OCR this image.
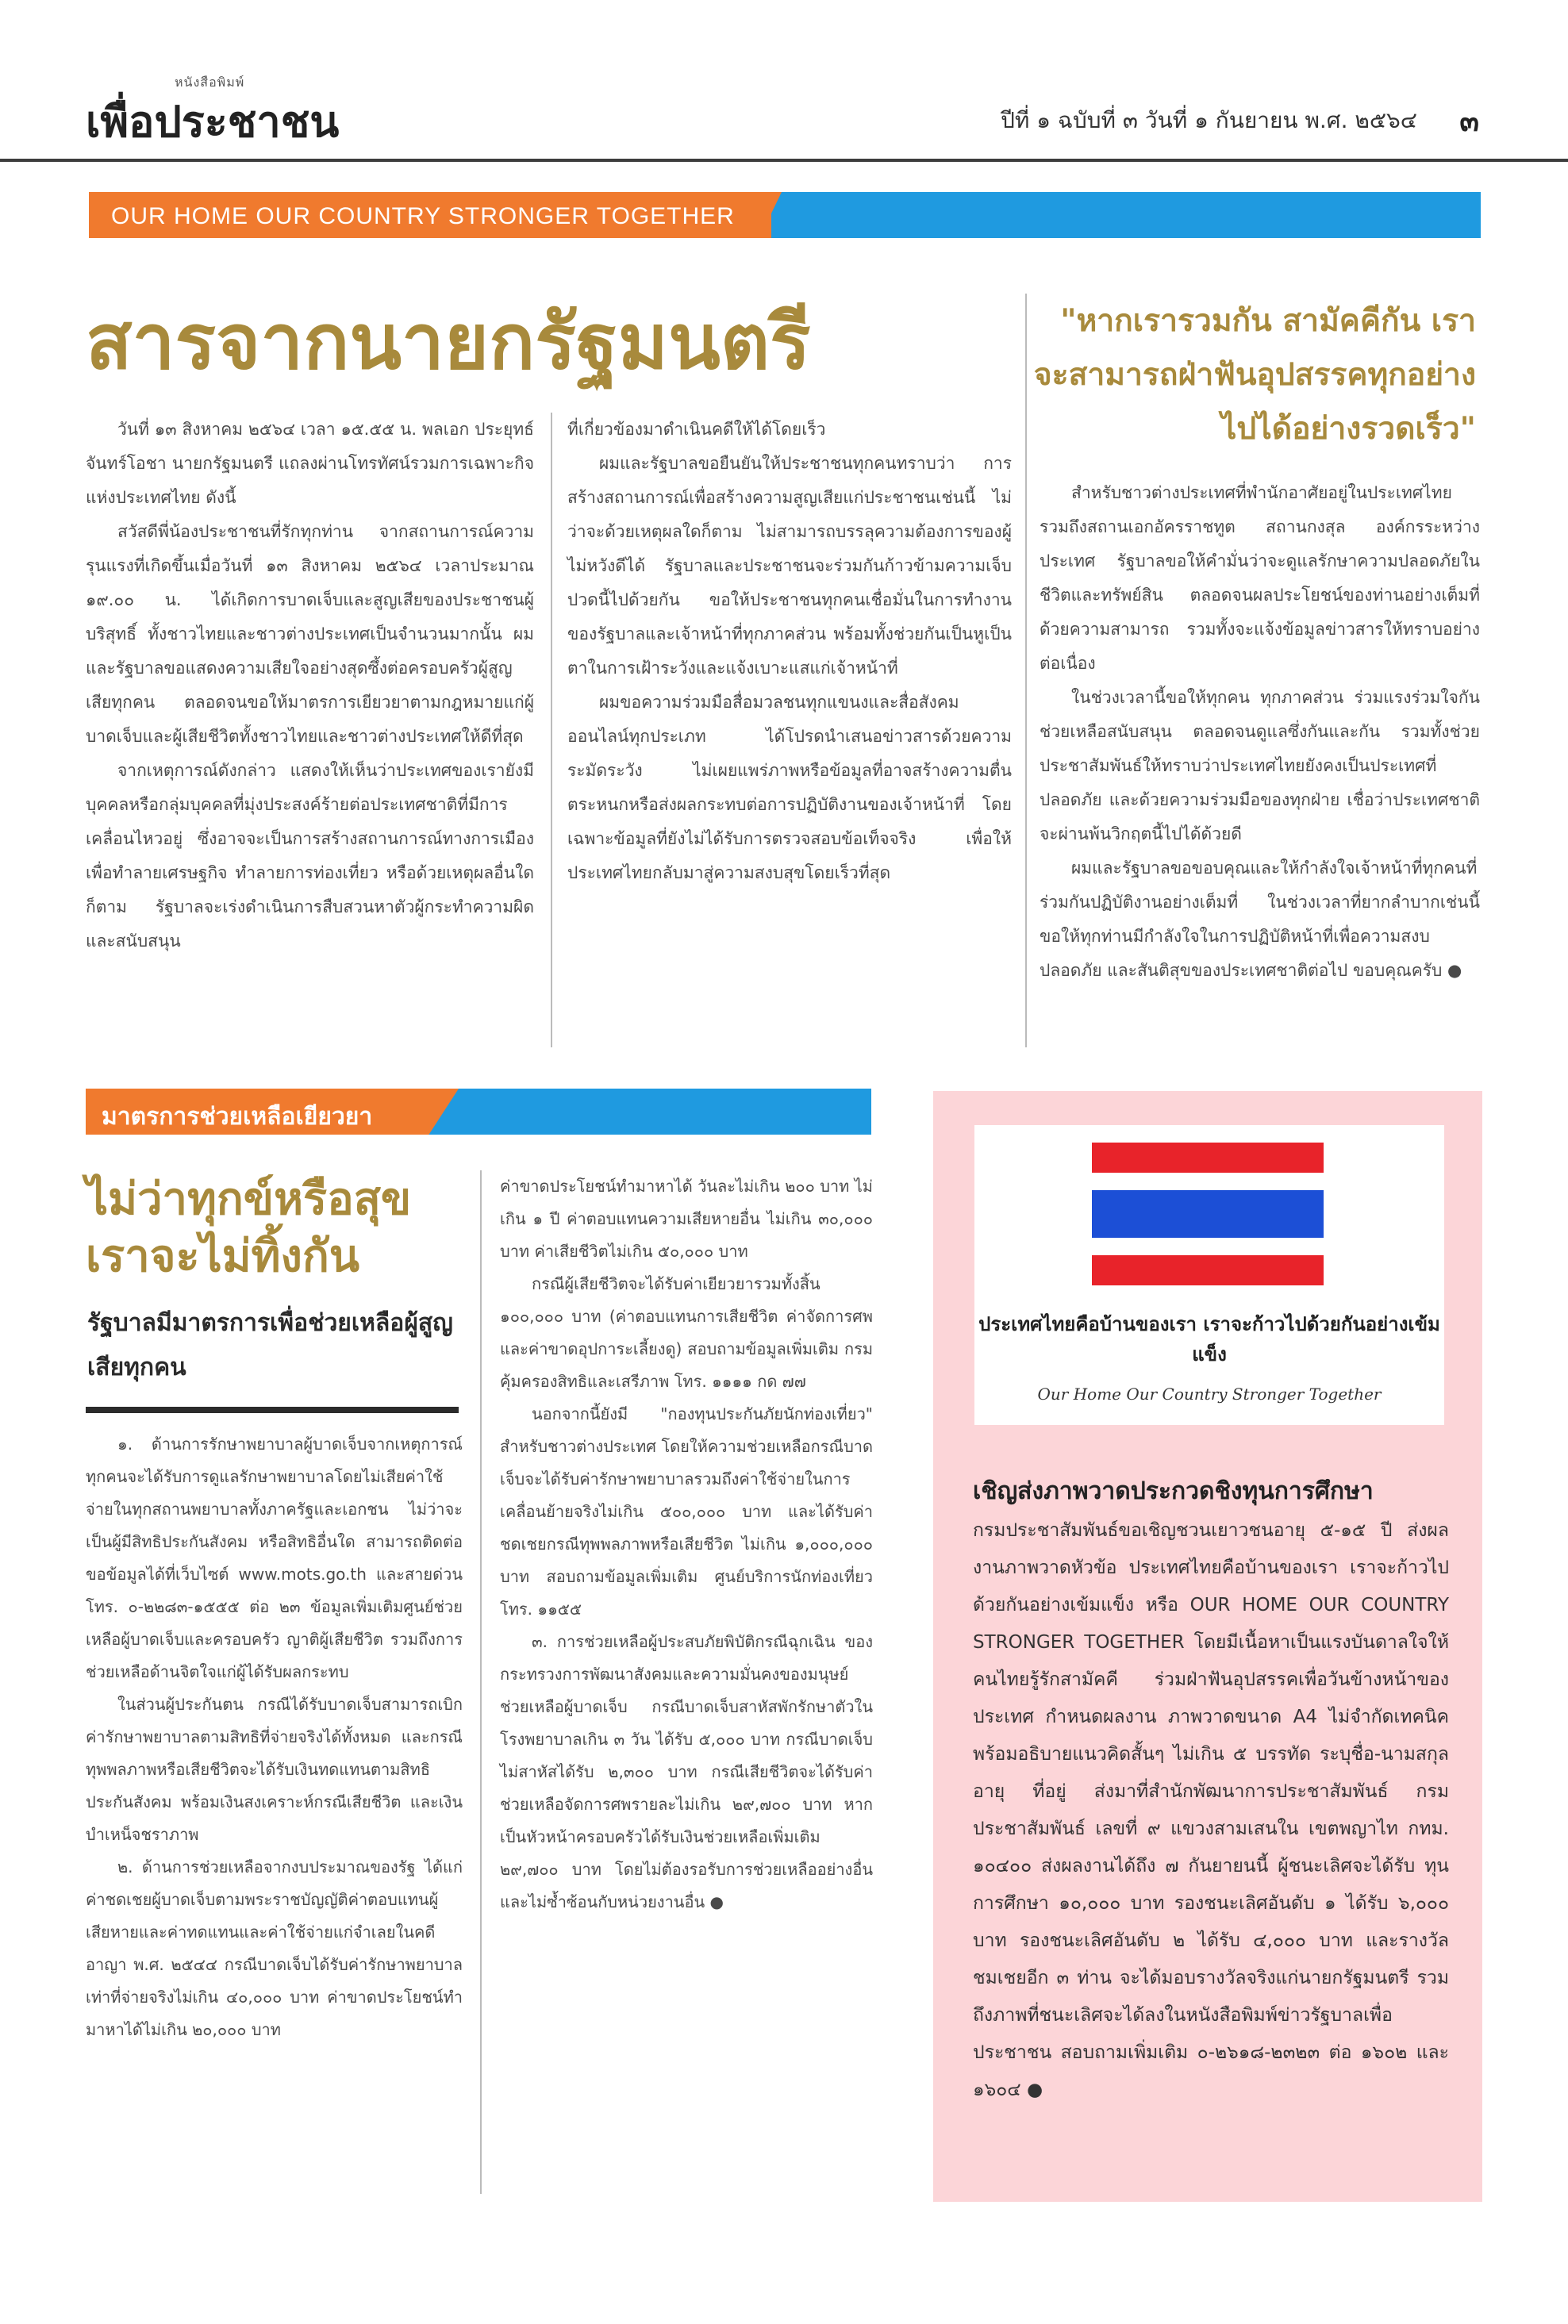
หนังสือพิมพ์
เพื่อประชาชน	ปีที่ ๑ ฉบับที่ ๓ วันที่ ๑ กันยายน พ.ศ. ๒๕๖๔ ๓
OUR HOME OUR COUNTRY STRONGER TOGETHER
สารจากนายกรัฐมนตรี

วันที่ ๑๓ สิงหาคม ๒๕๖๔ เวลา ๑๕.๕๕ น. พลเอก ประยุทธ์ จันทร์โอชา นายกรัฐมนตรี แถลงผ่านโทรทัศน์รวมการเฉพาะกิจแห่งประเทศไทย ดังนี้

สวัสดีพี่น้องประชาชนที่รักทุกท่าน จากสถานการณ์ความรุนแรงที่เกิดขึ้นเมื่อวันที่ ๑๓ สิงหาคม ๒๕๖๔ เวลาประมาณ ๑๙.๐๐ น. ได้เกิดการบาดเจ็บและสูญเสียของประชาชนผู้บริสุทธิ์ ทั้งชาวไทยและชาวต่างประเทศเป็นจำนวนมากนั้น ผมและรัฐบาลขอแสดงความเสียใจอย่างสุดซึ้งต่อครอบครัวผู้สูญเสียทุกคน ตลอดจนขอให้มาตรการเยียวยาตามกฎหมายแก่ผู้บาดเจ็บและผู้เสียชีวิตทั้งชาวไทยและชาวต่างประเทศให้ดีที่สุด

จากเหตุการณ์ดังกล่าว แสดงให้เห็นว่าประเทศของเรายังมีบุคคลหรือกลุ่มบุคคลที่มุ่งประสงค์ร้ายต่อประเทศชาติที่มีการเคลื่อนไหวอยู่ ซึ่งอาจจะเป็นการสร้างสถานการณ์ทางการเมือง เพื่อทำลายเศรษฐกิจ ทำลายการท่องเที่ยว หรือด้วยเหตุผลอื่นใดก็ตาม รัฐบาลจะเร่งดำเนินการสืบสวนหาตัวผู้กระทำความผิดและสนับสนุน

ที่เกี่ยวข้องมาดำเนินคดีให้ได้โดยเร็ว

ผมและรัฐบาลขอยืนยันให้ประชาชนทุกคนทราบว่า การสร้างสถานการณ์เพื่อสร้างความสูญเสียแก่ประชาชนเช่นนี้ ไม่ว่าจะด้วยเหตุผลใดก็ตาม ไม่สามารถบรรลุความต้องการของผู้ไม่หวังดีได้ รัฐบาลและประชาชนจะร่วมกันก้าวข้ามความเจ็บปวดนี้ไปด้วยกัน ขอให้ประชาชนทุกคนเชื่อมั่นในการทำงานของรัฐบาลและเจ้าหน้าที่ทุกภาคส่วน พร้อมทั้งช่วยกันเป็นหูเป็นตาในการเฝ้าระวังและแจ้งเบาะแสแก่เจ้าหน้าที่

ผมขอความร่วมมือสื่อมวลชนทุกแขนงและสื่อสังคมออนไลน์ทุกประเภท ได้โปรดนำเสนอข่าวสารด้วยความระมัดระวัง ไม่เผยแพร่ภาพหรือข้อมูลที่อาจสร้างความตื่นตระหนกหรือส่งผลกระทบต่อการปฏิบัติงานของเจ้าหน้าที่ โดยเฉพาะข้อมูลที่ยังไม่ได้รับการตรวจสอบข้อเท็จจริง เพื่อให้ประเทศไทยกลับมาสู่ความสงบสุขโดยเร็วที่สุด

"หากเรารวมกัน สามัคคีกัน เราจะสามารถฝ่าฟันอุปสรรคทุกอย่างไปได้อย่างรวดเร็ว"

สำหรับชาวต่างประเทศที่พำนักอาศัยอยู่ในประเทศไทย รวมถึงสถานเอกอัครราชทูต สถานกงสุล องค์กรระหว่างประเทศ รัฐบาลขอให้คำมั่นว่าจะดูแลรักษาความปลอดภัยในชีวิตและทรัพย์สิน ตลอดจนผลประโยชน์ของท่านอย่างเต็มที่ด้วยความสามารถ รวมทั้งจะแจ้งข้อมูลข่าวสารให้ทราบอย่างต่อเนื่อง

ในช่วงเวลานี้ขอให้ทุกคน ทุกภาคส่วน ร่วมแรงร่วมใจกันช่วยเหลือสนับสนุน ตลอดจนดูแลซึ่งกันและกัน รวมทั้งช่วยประชาสัมพันธ์ให้ทราบว่าประเทศไทยยังคงเป็นประเทศที่ปลอดภัย และด้วยความร่วมมือของทุกฝ่าย เชื่อว่าประเทศชาติจะผ่านพ้นวิกฤตนี้ไปได้ด้วยดี

ผมและรัฐบาลขอขอบคุณและให้กำลังใจเจ้าหน้าที่ทุกคนที่ร่วมกันปฏิบัติงานอย่างเต็มที่ ในช่วงเวลาที่ยากลำบากเช่นนี้ ขอให้ทุกท่านมีกำลังใจในการปฏิบัติหน้าที่เพื่อความสงบ ปลอดภัย และสันติสุขของประเทศชาติต่อไป ขอบคุณครับ ●

มาตรการช่วยเหลือเยียวยา
ไม่ว่าทุกข์หรือสุข เราจะไม่ทิ้งกัน
รัฐบาลมีมาตรการเพื่อช่วยเหลือผู้สูญเสียทุกคน

๑. ด้านการรักษาพยาบาลผู้บาดเจ็บจากเหตุการณ์ ทุกคนจะได้รับการดูแลรักษาพยาบาลโดยไม่เสียค่าใช้จ่ายในทุกสถานพยาบาลทั้งภาครัฐและเอกชน ไม่ว่าจะเป็นผู้มีสิทธิประกันสังคม หรือสิทธิอื่นใด สามารถติดต่อขอข้อมูลได้ที่เว็บไซต์ www.mots.go.th และสายด่วน โทร. ๐-๒๒๘๓-๑๕๕๕ ต่อ ๒๓ ข้อมูลเพิ่มเติมศูนย์ช่วยเหลือผู้บาดเจ็บและครอบครัว ญาติผู้เสียชีวิต รวมถึงการช่วยเหลือด้านจิตใจแก่ผู้ได้รับผลกระทบ

ในส่วนผู้ประกันตน กรณีได้รับบาดเจ็บสามารถเบิกค่ารักษาพยาบาลตามสิทธิที่จ่ายจริงได้ทั้งหมด และกรณีทุพพลภาพหรือเสียชีวิตจะได้รับเงินทดแทนตามสิทธิประกันสังคม พร้อมเงินสงเคราะห์กรณีเสียชีวิต และเงินบำเหน็จชราภาพ

๒. ด้านการช่วยเหลือจากงบประมาณของรัฐ ได้แก่ ค่าชดเชยผู้บาดเจ็บตามพระราชบัญญัติค่าตอบแทนผู้เสียหายและค่าทดแทนและค่าใช้จ่ายแก่จำเลยในคดีอาญา พ.ศ. ๒๕๔๔ กรณีบาดเจ็บได้รับค่ารักษาพยาบาลเท่าที่จ่ายจริงไม่เกิน ๔๐,๐๐๐ บาท ค่าขาดประโยชน์ทำมาหาได้ไม่เกิน ๒๐,๐๐๐ บาท

ค่าขาดประโยชน์ทำมาหาได้ วันละไม่เกิน ๒๐๐ บาท ไม่เกิน ๑ ปี ค่าตอบแทนความเสียหายอื่น ไม่เกิน ๓๐,๐๐๐ บาท ค่าเสียชีวิตไม่เกิน ๕๐,๐๐๐ บาท

กรณีผู้เสียชีวิตจะได้รับค่าเยียวยารวมทั้งสิ้น ๑๐๐,๐๐๐ บาท (ค่าตอบแทนการเสียชีวิต ค่าจัดการศพ และค่าขาดอุปการะเลี้ยงดู) สอบถามข้อมูลเพิ่มเติม กรมคุ้มครองสิทธิและเสรีภาพ โทร. ๑๑๑๑ กด ๗๗

นอกจากนี้ยังมี "กองทุนประกันภัยนักท่องเที่ยว" สำหรับชาวต่างประเทศ โดยให้ความช่วยเหลือกรณีบาดเจ็บจะได้รับค่ารักษาพยาบาลรวมถึงค่าใช้จ่ายในการเคลื่อนย้ายจริงไม่เกิน ๕๐๐,๐๐๐ บาท และได้รับค่าชดเชยกรณีทุพพลภาพหรือเสียชีวิต ไม่เกิน ๑,๐๐๐,๐๐๐ บาท สอบถามข้อมูลเพิ่มเติม ศูนย์บริการนักท่องเที่ยว โทร. ๑๑๕๕

๓. การช่วยเหลือผู้ประสบภัยพิบัติกรณีฉุกเฉิน ของกระทรวงการพัฒนาสังคมและความมั่นคงของมนุษย์ ช่วยเหลือผู้บาดเจ็บ กรณีบาดเจ็บสาหัสพักรักษาตัวในโรงพยาบาลเกิน ๓ วัน ได้รับ ๕,๐๐๐ บาท กรณีบาดเจ็บไม่สาหัสได้รับ ๒,๓๐๐ บาท กรณีเสียชีวิตจะได้รับค่าช่วยเหลือจัดการศพรายละไม่เกิน ๒๙,๗๐๐ บาท หากเป็นหัวหน้าครอบครัวได้รับเงินช่วยเหลือเพิ่มเติม ๒๙,๗๐๐ บาท โดยไม่ต้องรอรับการช่วยเหลืออย่างอื่น และไม่ซ้ำซ้อนกับหน่วยงานอื่น ●

ประเทศไทยคือบ้านของเรา เราจะก้าวไปด้วยกันอย่างเข้มแข็ง
Our Home Our Country Stronger Together
เชิญส่งภาพวาดประกวดชิงทุนการศึกษา
กรมประชาสัมพันธ์ขอเชิญชวนเยาวชนอายุ ๕-๑๕ ปี ส่งผลงานภาพวาดหัวข้อ ประเทศไทยคือบ้านของเรา เราจะก้าวไปด้วยกันอย่างเข้มแข็ง หรือ OUR HOME OUR COUNTRY STRONGER TOGETHER โดยมีเนื้อหาเป็นแรงบันดาลใจให้คนไทยรู้รักสามัคคี ร่วมฝ่าฟันอุปสรรคเพื่อวันข้างหน้าของประเทศ กำหนดผลงาน ภาพวาดขนาด A4 ไม่จำกัดเทคนิค พร้อมอธิบายแนวคิดสั้นๆ ไม่เกิน ๕ บรรทัด ระบุชื่อ-นามสกุล อายุ ที่อยู่ ส่งมาที่สำนักพัฒนาการประชาสัมพันธ์ กรมประชาสัมพันธ์ เลขที่ ๙ แขวงสามเสนใน เขตพญาไท กทม. ๑๐๔๐๐ ส่งผลงานได้ถึง ๗ กันยายนนี้ ผู้ชนะเลิศจะได้รับ ทุนการศึกษา ๑๐,๐๐๐ บาท รองชนะเลิศอันดับ ๑ ได้รับ ๖,๐๐๐ บาท รองชนะเลิศอันดับ ๒ ได้รับ ๔,๐๐๐ บาท และรางวัลชมเชยอีก ๓ ท่าน จะได้มอบรางวัลจริงแก่นายกรัฐมนตรี รวมถึงภาพที่ชนะเลิศจะได้ลงในหนังสือพิมพ์ข่าวรัฐบาลเพื่อประชาชน สอบถามเพิ่มเติม ๐-๒๖๑๘-๒๓๒๓ ต่อ ๑๖๐๒ และ ๑๖๐๔ ●
